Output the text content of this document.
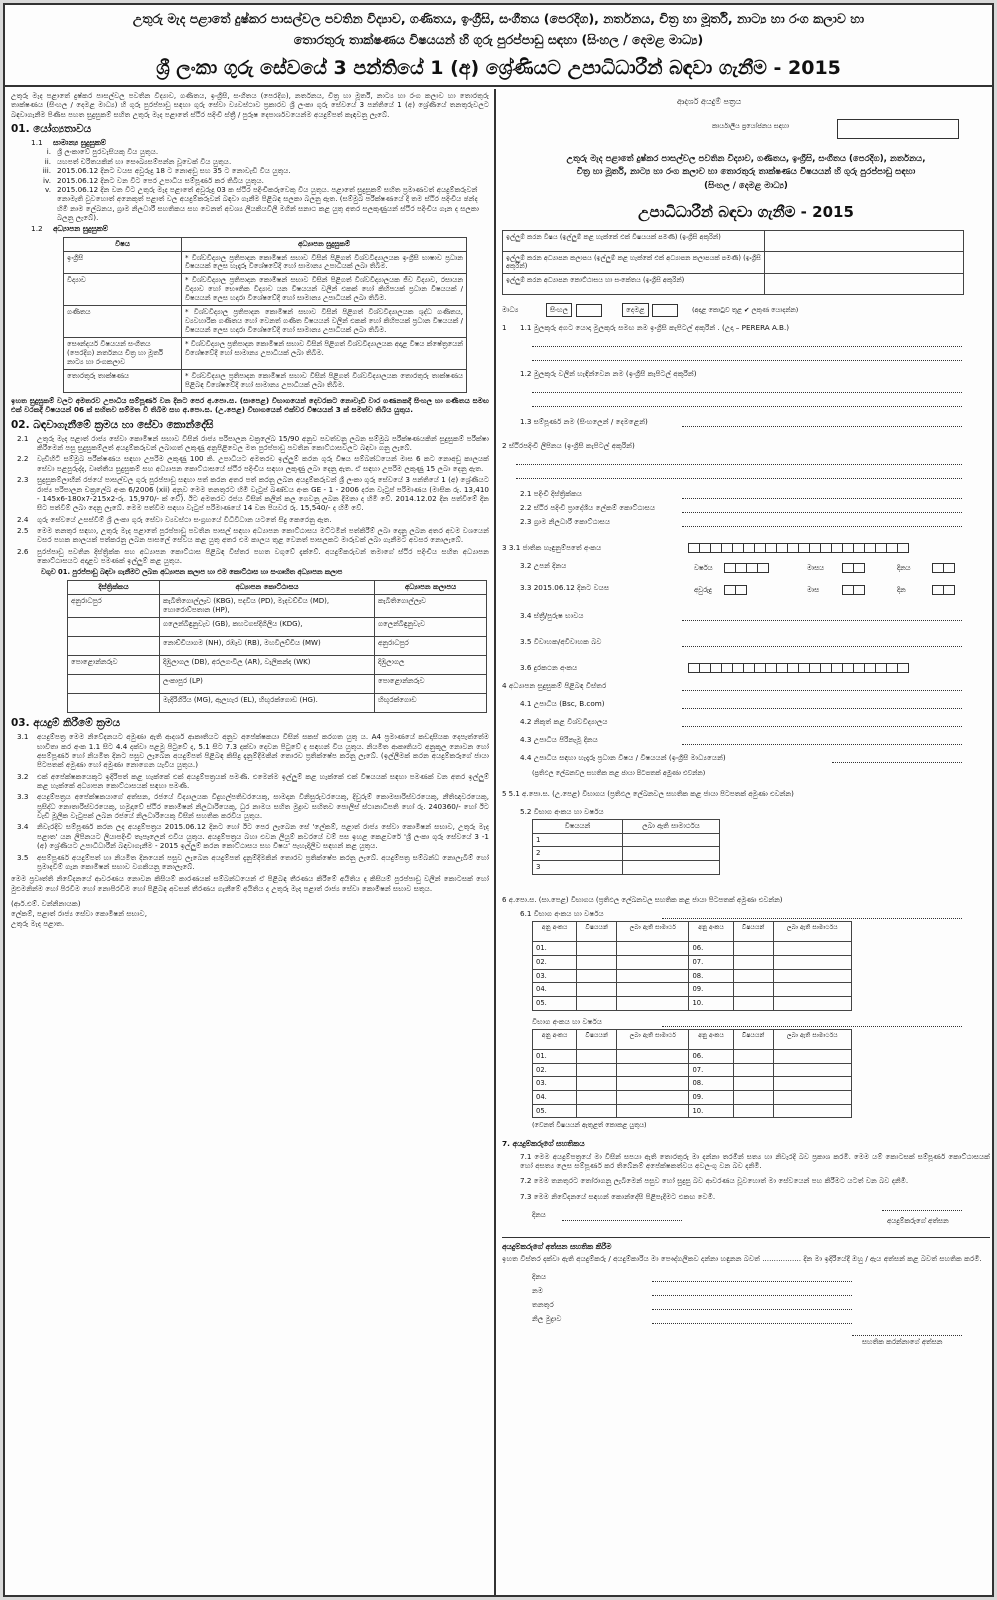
උතුරු මැද පළාතේ දුෂ්කර පාසල්වල පවතින විද්‍යාව, ගණිතය, ඉංග්‍රීසි, සංගීතය (පෙරදිග), නර්තනය, චිත්‍ර හා මූර්ති, නාට්‍ය හා රංග කලාව හා
තොරතුරු තාක්ෂණය විෂයයන් හි ගුරු පුරප්පාඩු සඳහා (සිංහල / දෙමළ මාධ්‍ය)
ශ්‍රී ලංකා ගුරු සේවයේ 3 පන්තියේ 1 (අ) ශ්‍රේණියට උපාධිධාරීන් බඳවා ගැනීම - 2015

උතුරු මැද පළාතේ දුෂ්කර පාසල්වල පවතින විද්‍යාව, ගණිතය, ඉංග්‍රීසි, සංගීතය (පෙරදිග), නර්තනය, චිත්‍ර හා මූර්ති, නාට්‍ය හා රංග කලාව හා තොරතුරු තාක්ෂණය (සිංහල / දෙමළ මාධ්‍ය) හි ගුරු පුරප්පාඩු සඳහා ගුරු සේවා ව්‍යවස්ථාව ප්‍රකාරව ශ්‍රී ලංකා ගුරු සේවයේ 3 පන්තියේ 1 (අ) ශ්‍රේණියේ තනතුරුවලට බඳවාගැනීම පිණිස පහත සුදුසුකම් සහිත උතුරු මැද පළාතේ ස්ථිර පදිංචි ස්ත්‍රී / පුරුෂ දෙපාර්ශවයෙන්ම අයදුම්පත් කැඳවනු ලැබේ.

01. යෝග්‍යතාවය
1.1 සාමාන්‍ය සුදුසුකම්
i. ශ්‍රී ලංකාවේ පුරවැසියකු විය යුතුය.
ii. යහපත් චරිතයකින් හා සෞඛ්‍යසම්පන්න වූවෙක් විය යුතුය.
iii. 2015.06.12 දිනට වයස අවුරුදු 18 ට නොඅඩු සහ 35 ට නොවැඩි විය යුතුය.
iv. 2015.06.12 දිනට වන විට පෙර උපාධිය සම්පූර්ණ කර තිබිය යුතුය.
v. 2015.06.12 දින වන විට උතුරු මැද පළාතේ අවුරුදු 03 ක ස්ථිර පදිංචිකරුවෙකු විය යුතුය. පළාතේ සුදුසුකම් සහිත ප්‍රමාණවත් අයදුම්කරුවන් නොමැති වුවහොත් අනෙකුත් පළාත් වල අයදුම්කරුවන් බඳවා ගැනීම පිළිබඳ සලකා බලනු ඇත. (සම්මුඛ පරීක්ෂණයේ දී තම ස්ථිර පදිංචිය ඡන්ද හිමි නාම ලේඛනය, ග්‍රාම නිලධාරී සහතිකය සහ වෙනත් අවශ්‍ය ලියකියවිලි මගින් සනාථ කළ යුතු අතර සලකුණුයන් ස්ථිර පදිංචිය ගැන ද සලකා බලනු ලැබේ).
1.2 අධ්‍යාපන සුදුසුකම්
විෂය	අධ්‍යාපන සුදුසුකම්
ඉංග්‍රීසි	* විශ්වවිද්‍යාල ප්‍රතිපාදන කොමිෂන් සභාව විසින් පිළිගත් විශ්වවිද්‍යාලයක ඉංග්‍රීසි භාෂාව ප්‍රධාන විෂයයක් ලෙස හැදෑරූ විශේෂවේදී හෝ සාමාන්‍ය උපාධියක් ලබා තිබීම.
විද්‍යාව	* විශ්වවිද්‍යාල ප්‍රතිපාදන කොමිෂන් සභාව විසින් පිළිගත් විශ්වවිද්‍යාලයක ජීව විද්‍යාව, රසායන විද්‍යාව හෝ භෞතික විද්‍යාව යන විෂයයන් වලින් එකක් හෝ කිහිපයක් ප්‍රධාන විෂයයක් / විෂයයන් ලෙස හදාරා විශේෂවේදී හෝ සාමාන්‍ය උපාධියක් ලබා තිබීම.
ගණිතය	* විශ්වවිද්‍යාල ප්‍රතිපාදන කොමිෂන් සභාව විසින් පිළිගත් විශ්වවිද්‍යාලයක ශුද්ධ ගණිතය, ව්‍යවහාරික ගණිතය හෝ වෙනත් ගණිත විෂයයන් වලින් එකක් හෝ කිහිපයක් ප්‍රධාන විෂයයක් / විෂයයන් ලෙස හදාරා විශේෂවේදී හෝ සාමාන්‍ය උපාධියක් ලබා තිබීම.
සෞන්දර්ය විෂයයන් සංගීතය (පෙරදිග) නර්තනය චිත්‍ර හා මූර්ති නාට්‍ය හා රංගකලාව	* විශ්වවිද්‍යාල ප්‍රතිපාදන කොමිෂන් සභාව විසින් පිළිගත් විශ්වවිද්‍යාලයක අදාළ විෂය ක්ෂේත්‍රයෙන් විශේෂවේදී හෝ සාමාන්‍ය උපාධියක් ලබා තිබීම.
තොරතුරු තාක්ෂණය	* විශ්වවිද්‍යාල ප්‍රතිපාදන කොමිෂන් සභාව විසින් පිළිගත් විශ්වවිද්‍යාලයක තොරතුරු තාක්ෂණය පිළිබඳ විශේෂවේදී හෝ සාමාන්‍ය උපාධියක් ලබා තිබීම.

ඉහත සුදුසුකම් වලට අමතරව උපාධිය සම්පූර්ණ වන දිනට පෙර අ.පො.ස. (සාපෙළ) විභාගයෙන් දෙවරකට නොවැඩි වාර ගණනකදී සිංහල හා ගණිතය සමඟ එක් වරකදී විෂයයන් 06 ක් සහිතව සම්මත වී තිබීම සහ අ.පො.ස. (උ.පෙළ) විභාගයෙන් එක්වර විෂයයන් 3 ක් සමත්ව තිබිය යුතුය.

02. බඳවාගැනීමේ ක්‍රමය හා සේවා කොන්දේසි
2.1 උතුරු මැද පළාත් රාජ්‍ය සේවා කොමිෂන් සභාව විසින් රාජ්‍ය පරිපාලන චක්‍රලේඛ 15/90 අනුව පවත්වනු ලබන සම්මුඛ පරීක්ෂණයකින් සුදුසුකම් පරීක්ෂා කිරීමෙන් පසු සුදුසුකම්ලත් අයදුම්කරුවන් ලබාගත් ලකුණු අනුපිළිවෙල මත පුරප්පාඩු පවතින කොට්ඨාසවලට බඳවා ගනු ලැබේ.
2.2 වැඩිහිටි සම්මුඛ පරීක්ෂණය සඳහා උපරිම ලකුණු 100 කි. උපාධියට අමතරව ඉල්ලුම් කරන ගුරු විෂය සම්බන්ධයෙන් මාස 6 කට නොඅඩු කාලයක් සේවා පළපුරුද්ද, වෘත්තීය සුදුසුකම් සහ අධ්‍යාපන කොට්ඨාසයේ ස්ථිර පදිංචිය සඳහා ලකුණු ලබා දෙනු ඇත. ඒ සඳහා උපරිම ලකුණු 15 ලබා දෙනු ඇත.
2.3 සුදුසුකම්ලාභීන් රජයේ පාසල්වල ගුරු පුරප්පාඩු සඳහා පත් කරන අතර පත් කරනු ලබන අයදුම්කරුවන් ශ්‍රී ලංකා ගුරු සේවයේ 3 පන්තියේ 1 (අ) ශ්‍රේණියට රාජ්‍ය පරිපාලන චක්‍රලේඛ අංක 6/2006 (xii) අනුව මෙම තනතුරට හිමි වැටුප් ඛණ්ඩය අංක GE - 1 - 2006 දරන වැටුප් පරිමාණය (මාසික රු. 13,410 - 145x6-180x7-215x2-රු. 15,970/- ක් වේ). ඊට අමතරව රජය විසින් කලින් කල ගෙවනු ලබන දීමනා ද හිමි වේ. 2014.12.02 දින පත්වීමේ දින සිට පත්වීම් ලබා දෙනු ලැබේ. මෙම පත්වීම සඳහා වැටුප් පරිමාණයේ 14 වන පියවර රු. 15,540/- ද හිමි වේ.
2.4 ගුරු සේවයේ උසස්වීම් ශ්‍රී ලංකා ගුරු සේවා ව්‍යවස්ථා සංග්‍රහයේ විධිවිධාන යටතේ සිදු කෙරෙනු ඇත.
2.5 මෙම තනතුර සඳහා, උතුරු මැද පළාතේ පුරප්පාඩු පවතින පාසල් සඳහා අධ්‍යාපන කොට්ඨාසය මට්ටමින් පත්කිරීම් ලබා දෙනු ලබන අතර අවම වශයෙන් වසර පහක කාලයක් පත්කරනු ලබන පාසලේ සේවය කළ යුතු අතර එම කාලය තුළ වෙනත් පාසලකට මාරුවක් ලබා ගැනීමට අවසර නොලැබේ.
2.6 පුරප්පාඩු පවතින දිස්ත්‍රික්ක සහ අධ්‍යාපන කොට්ඨාස පිළිබඳ විස්තර පහත වගුවේ දැක්වේ. අයදුම්කරුවන් තමාගේ ස්ථිර පදිංචිය සහිත අධ්‍යාපන කොට්ඨාසයට අදාළව පමණක් ඉල්ලුම් කළ යුතුය.

වගුව 01. පුරප්පාඩු බඳවා ගැනීමට ලබන අධ්‍යාපන කලාප හා එම කොට්ඨාස හා සංගෘහිත අධ්‍යාපන කලාප

දිස්ත්‍රික්කය	අධ්‍යාපන කොට්ඨාසය	අධ්‍යාපන කලාපය
අනුරාධපුර	කැබිතිගොල්ලෑව (KBG), පදවිය (PD), මැදවච්චිය (MD), හොරොව්පතාන (HP),	කැබිතිගොල්ලෑව
	ගලෙන්බිඳුනුවැව (GB), කහටගස්දිගිලිය (KDG),	ගලෙන්බිඳුනුවැව
	නොච්චියාගම (NH), රඹෑව (RB), මහවිලච්චිය (MW)	අනුරාධපුර
පොළොන්නරුව	දිඹුලාගල (DB), අරලගංවිල (AR), වැලිකන්ද (WK)	දිඹුලාගල
	ලංකාපුර (LP)	පොළොන්නරුව
	මැදිරිගිරිය (MG), ඇලහැර (EL), හිඟුරක්ගොඩ (HG).	හිඟුරක්ගොඩ
03. අයදුම් කිරීමේ ක්‍රමය
3.1 අයදුම්පත්‍ර මෙම නිවේදනයට අමුණා ඇති ආදර්ශ ආකෘතියට අනුව අපේක්ෂකයා විසින් සකස් කරගත යුතු ය. A4 ප්‍රමාණයේ කඩදාසියක දෙපැත්තේම භාවිතා කර අංක 1.1 සිට 4.4 දක්වා පළමු පිටුවේ ද, 5.1 සිට 7.3 දක්වා දෙවන පිටුවේ ද සඳහන් විය යුතුය. නියමිත ආකෘතියට අනුකූල නොවන හෝ අසම්පූර්ණ හෝ නියමිත දිනට පසුව ලැබෙන අයදුම්පත් පිළිබඳ කිසිදු දැනුම්දීමකින් තොරව ප්‍රතික්ෂේප කරනු ලැබේ. (ඉල්ලීමක් කරන අයදුම්කරුගේ ජායා පිටපතක් අමුණා හෝ අමුණා නොගෙන යැවිය යුතුය.)
3.2 එක් අපේක්ෂකයෙකුට ඉදිරිපත් කළ හැක්කේ එක් අයදුම්පත්‍රයක් පමණි. එමෙන්ම ඉල්ලුම් කළ හැක්කේ එක් විෂයයක් සඳහා පමණක් වන අතර ඉල්ලුම් කළ හැක්කේ අධ්‍යාපන කොට්ඨාසයක් සඳහා පමණි.
3.3 අයදුම්පත්‍රය අපේක්ෂකයාගේ අත්සන, රජයේ විද්‍යාලයක විදුහල්පතිවරයෙකු, සාමදාන විනිසුරුවරයෙකු, දිවුරුම් කොමසාරිස්වරයෙකු, නීතිඥවරයෙකු, ප්‍රසිද්ධ නොතාරිස්වරයෙකු, හමුදාවේ ස්ථිර කොමිෂන් නිලධාරියෙකු, ධුර නාමය සහිත මුද්‍රාව සහිතව පොලිස් ස්ථානාධිපති හෝ රු. 240360/- හෝ ඊට වැඩි මූලික වැටුපක් ලබන රජයේ නිලධාරියෙකු විසින් සහතික කරවිය යුතුය.
3.4 නිවැරදිව සම්පූර්ණ කරන ලද අයදුම්පත්‍රය 2015.06.12 දිනට හෝ ඊට පෙර ලැබෙන සේ 'ලේකම්, පළාත් රාජ්‍ය සේවා කොමිෂන් සභාව, උතුරු මැද පළාත' යන ලිපිනයට ලියාපදිංචි තැපෑලෙන් එවිය යුතුය. අයදුම්පත්‍රය බහා එවන ලියුම් කවරයේ වම් පස ඉහළ කෙළවරේ 'ශ්‍රී ලංකා ගුරු සේවයේ 3 -1 (අ) ශ්‍රේණියට උපාධිධාරීන් බඳවාගැනීම - 2015 ඉල්ලුම් කරන කොට්ඨාසය සහ විෂය' පැහැදිලිව සඳහන් කළ යුතුය.
3.5 අසම්පූර්ණ අයදුම්පත් හා නියමිත දිනයෙන් පසුව ලැබෙන අයදුම්පත් දැනුම්දීමකින් තොරව ප්‍රතික්ෂේප කරනු ලැබේ. අයදුම්පත්‍ර සම්බන්ධ නොලැබීම් හෝ ප්‍රමාදවීම් ගැන කොමිෂන් සභාව වගකියනු නොලැබේ.

මෙම ප්‍රවෘත්ති නිවේදනයේ ආවරණය නොවන කිසියම් කාරණයක් සම්බන්ධයෙන් ඒ පිළිබඳ තීරණය කිරීමේ අයිතිය ද කිසියම් පුරප්පාඩු වලින් කොටසක් හෝ මුළුමනින්ම හෝ පිරවීම හෝ නොපිරවීම හෝ පිළිබඳ අවසන් තීරණය ගැනීමේ අයිතිය ද උතුරු මැද පළාත් රාජ්‍ය සේවා කොමිෂන් සභාව සතුය.

(ආර්.එම්. වන්නිනායක)
ලේකම්, පළාත් රාජ්‍ය සේවා කොමිෂන් සභාව,
උතුරු මැද පළාත.
ආදර්ශ අයදුම් පත්‍රය
කාර්යාලීය ප්‍රයෝජනය සඳහා
උතුරු මැද පළාතේ දුෂ්කර පාසල්වල පවතින විද්‍යාව, ගණිතය, ඉංග්‍රීසි, සංගීතය (පෙරදිග), නර්තනය,
චිත්‍ර හා මූර්ති, නාට්‍ය හා රංග කලාව හා තොරතුරු තාක්ෂණය විෂයයන් හි ගුරු පුරප්පාඩු සඳහා
(සිංහල / දෙමළ මාධ්‍ය)
උපාධිධාරීන් බඳවා ගැනීම - 2015
ඉල්ලුම් කරන විෂය (ඉල්ලුම් කළ හැක්කේ එක් විෂයයක් පමණි) (ඉංග්‍රීසි අකුරින්)	
ඉල්ලුම් කරන අධ්‍යාපන කලාපය (ඉල්ලුම් කළ හැක්කේ එක් අධ්‍යාපන කලාපයක් පමණි) (ඉංග්‍රීසි අකුරින්)	
ඉල්ලුම් කරන අධ්‍යාපන කොට්ඨාසය හා සංකේතය (ඉංග්‍රීසි අකුරින්)	
මාධ්‍ය	සිංහල	දෙමළ	(අදාළ කොටුව තුළ ✔ ලකුණ යොදන්න)
1 1.1 මුලකුරු අගට යොදා මුලකුරු සමඟ නම ඉංග්‍රීසි කැපිටල් අකුරින් . (උදා – PERERA A.B.)
1.2 මුලකුරු වලින් හැඳින්වෙන නම (ඉංග්‍රීසි කැපිටල් අකුරින්)
1.3 සම්පූර්ණ නම (සිංහලෙන් / දෙමළෙන්)
2 ස්ථිරපදිංචි ලිපිනය (ඉංග්‍රීසි කැපිටල් අකුරින්)
2.1 පදිංචි දිස්ත්‍රික්කය
2.2 ස්ථිර පදිංචි ප්‍රාදේශීය ලේකම් කොට්ඨාසය
2.3 ග්‍රාම නිලධාරී කොට්ඨාසය
3 3.1 ජාතික හැඳුනුම්පතේ අංකය
3.2 උපන් දිනය	වර්ෂය	මාසය	දිනය
3.3 2015.06.12 දිනට වයස	අවුරුදු	මාස	දින
3.4 ස්ත්‍රී/පුරුෂ භාවය
3.5 විවාහක/අවිවාහක බව
3.6 දුරකථන අංකය
4 අධ්‍යාපන සුදුසුකම් පිළිබඳ විස්තර
4.1 උපාධිය (Bsc, B.com)
4.2 නිකුත් කළ විශ්වවිද්‍යාලය
4.3 උපාධිය පිරිනැමූ දිනය
4.4 උපාධිය සඳහා හැදෑරූ ප්‍රධාන විෂය / විෂයයන් (ඉංග්‍රීසි මාධ්‍යයෙන්)
(ප්‍රතිඵල ලේඛනවල සහතික කළ ජායා පිටපතක් අමුණා එවන්න)
5 5.1 අ.පො.ස. (උ.පෙළ) විභාගය (ප්‍රතිඵල ලේඛනවල සහතික කළ ජායා පිටපතක් අමුණා එවන්න)
5.2 විභාග අංකය හා වර්ෂය
විෂයයන්	ලබා ඇති සාමාර්ථය
1	
2	
3	
6 අ.පො.ස. (සා.පෙළ) විභාගය (ප්‍රතිඵල ලේඛනවල සහතික කළ ජායා පිටපතක් අමුණා එවන්න)
6.1 විභාග අංකය හා වර්ෂය
අනු අංකය	විෂයයන්	ලබා ඇති සාමාර්ථ	අනු අංකය	විෂයයන්	ලබා ඇති සාමාර්ථය
01.			06.		
02.			07.		
03.			08.		
04.			09.		
05.			10.		
විභාග අංකය හා වර්ෂය
අනු අංකය	විෂයයන්	ලබා ඇති සාමාර්ථ	අනු අංකය	විෂයයන්	ලබා ඇති සාමාර්ථය
01.			06.		
02.			07.		
03.			08.		
04.			09.		
05.			10.		
(වෙනත් විෂයයන් ඇතුළත් කොකළ යුතුය)
7. අයදුම්කරුගේ සහතිකය

7.1 මෙම අයදුම්පත්‍රයේ මා විසින් සපයා ඇති තොරතුරු මා දන්නා තරමින් සත්‍ය හා නිවැරදි බව ප්‍රකාශ කරමි. මෙම යම් කොටසක් සම්පූර්ණ කොට්ඨාසයක් හෝ අසත්‍ය ලෙස සම්පූර්ණ කර තිබේනම් අපේක්ෂකත්වය අවලංගු වන බව දනිමි.

7.2 මෙම තනතුරට තෝරාගනු ලැබීමෙන් පසුව හෝ සුදුසු බව ආවරණය වූවහොත් මා සේවයෙන් පහ කිරීමට යටත් වන බව දනිමි.

7.3 මෙම නිවේදනයේ සඳහන් කොන්දේසි පිළිපැදීමට එකඟ වෙමි.

දිනය
අයදුම්කරුගේ අත්සන
අයදුම්කරුගේ අත්සන සහතික කිරීම

ඉහත විස්තර දක්වා ඇති අයදුම්කරු / අයදුම්කාරිය මා පෞද්ගලිකව දන්නා හඳුනන බවත් ................. දින මා ඉදිරියේදී ඔහු / ඇය අත්සන් කළ බවත් සහතික කරමි.

දිනය
නම
තනතුර
නිල මුද්‍රාව
සහතික කරන්නාගේ අත්සන
